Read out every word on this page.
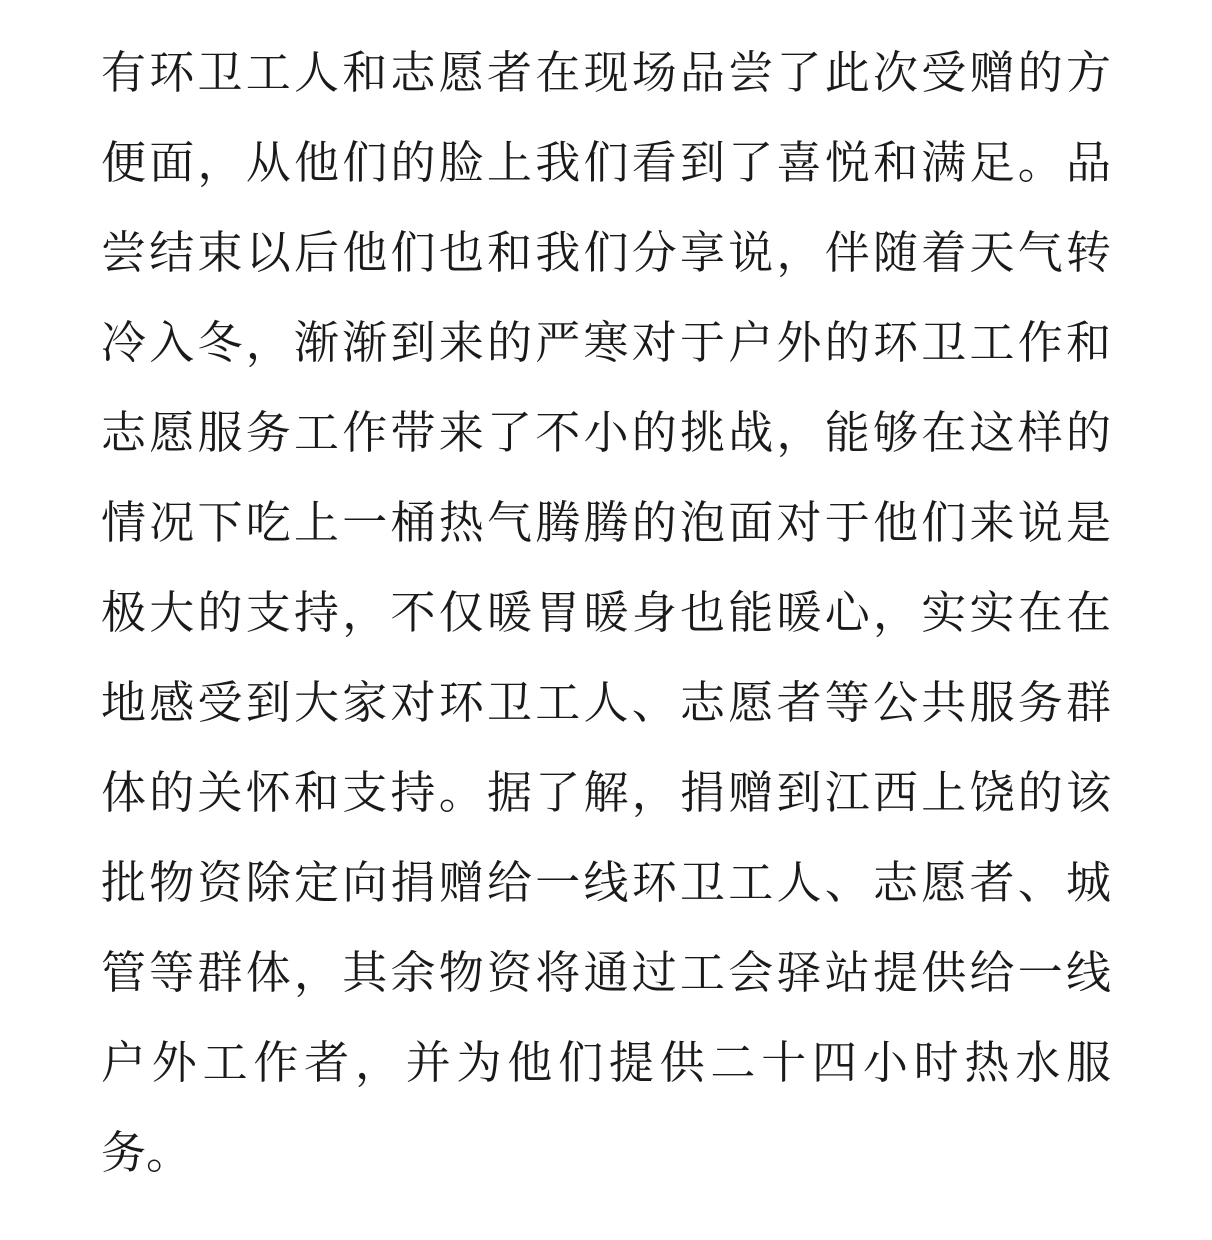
有环卫工人和志愿者在现场品尝了此次受赠的方
便面，从他们的脸上我们看到了喜悦和满足。品
尝结束以后他们也和我们分享说，伴随着天气转
冷入冬，渐渐到来的严寒对于户外的环卫工作和
志愿服务工作带来了不小的挑战，能够在这样的
情况下吃上一桶热气腾腾的泡面对于他们来说是
极大的支持，不仅暖胃暖身也能暖心，实实在在
地感受到大家对环卫工人、志愿者等公共服务群
体的关怀和支持。据了解，捐赠到江西上饶的该
批物资除定向捐赠给一线环卫工人、志愿者、城
管等群体，其余物资将通过工会驿站提供给一线
户外工作者，并为他们提供二十四小时热水服
务。
